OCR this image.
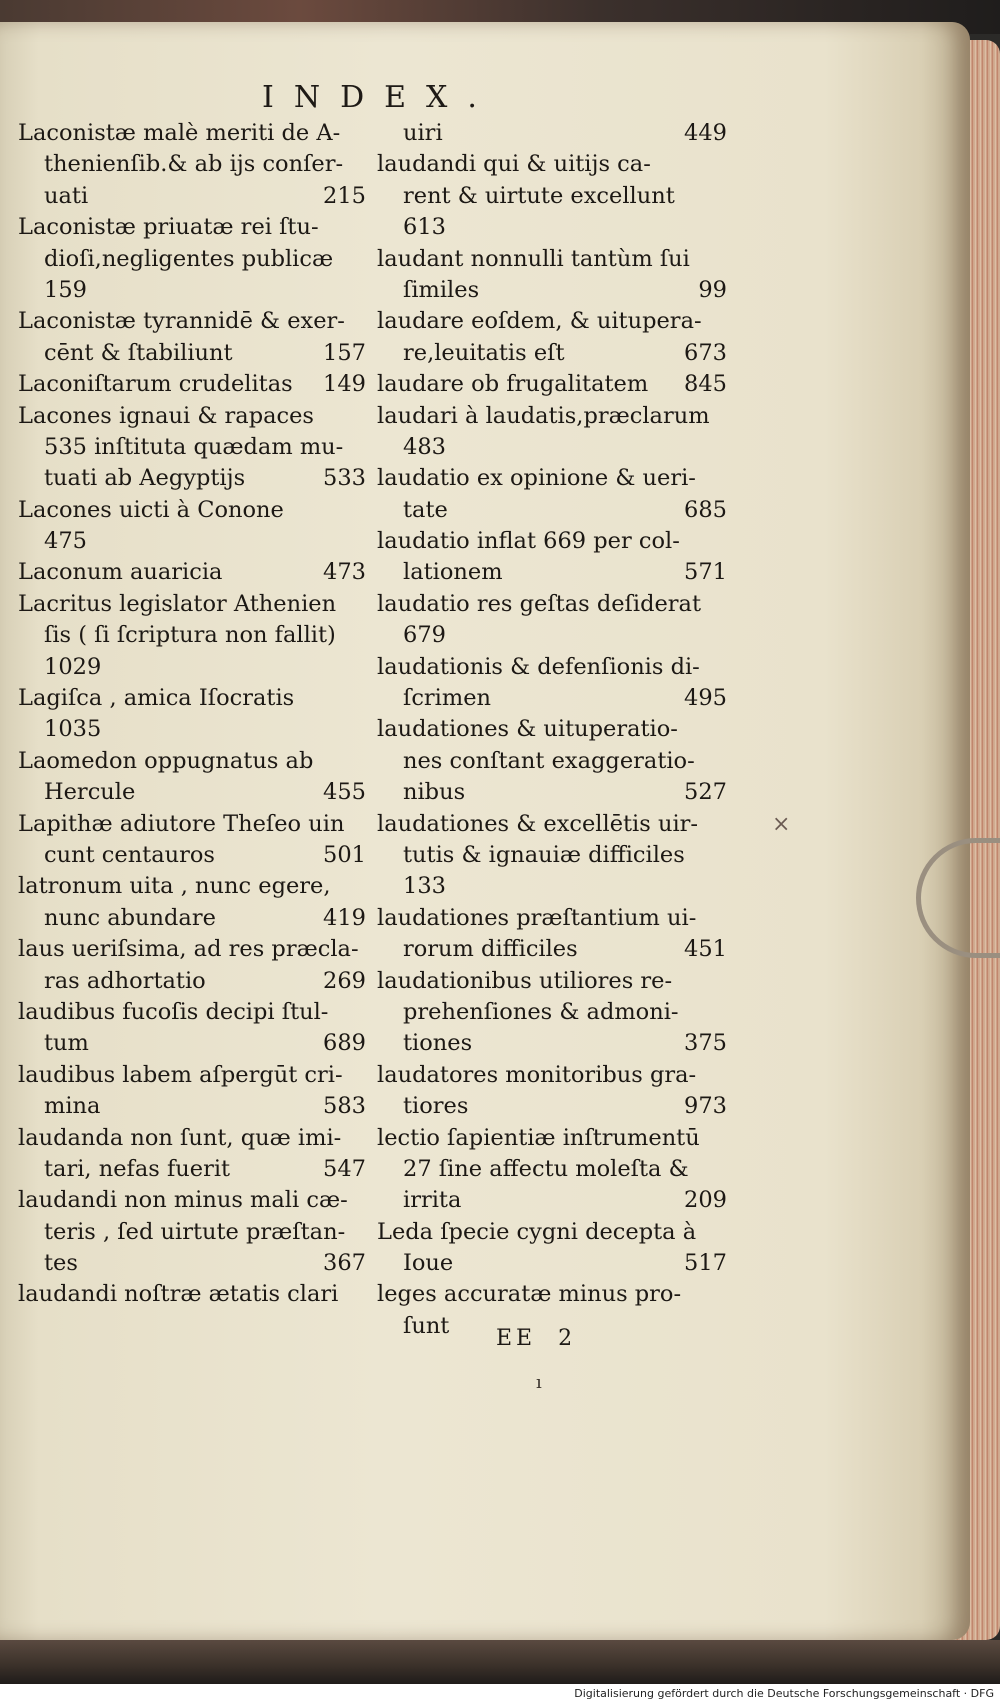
INDEX.
Laconistæ malè meriti de A-
thenienſib.& ab ijs conſer-
uati	215
Laconistæ priuatæ rei ſtu-
dioſi,negligentes publicæ
159
Laconistæ tyrannidē & exer-
cēnt & ſtabiliunt	157
Laconiſtarum crudelitas 149
Lacones ignaui & rapaces
535 inſtituta quædam mu-
tuati ab Aegyptijs	533
Lacones uicti à Conone
475
Laconum auaricia	473
Lacritus legislator Athenien
ſis ( ſi ſcriptura non fallit)
1029
Lagiſca , amica Iſocratis
1035
Laomedon oppugnatus ab
Hercule	455
Lapithæ adiutore Theſeo uin
cunt centauros	501
latronum uita , nunc egere,
nunc abundare	419
laus ueriſsima, ad res præcla-
ras adhortatio	269
laudibus fucoſis decipi ſtul-
tum	689
laudibus labem aſpergūt cri-
mina	583
laudanda non ſunt, quæ imi-
tari, nefas fuerit	547
laudandi non minus mali cæ-
teris , ſed uirtute præſtan-
tes	367
laudandi noſtræ ætatis clari
uiri	449
laudandi qui & uitijs ca-
rent & uirtute excellunt
613
laudant nonnulli tantùm ſui
ſimiles	99
laudare eoſdem, & uitupera-
re,leuitatis eſt	673
laudare ob frugalitatem 845
laudari à laudatis,præclarum
483
laudatio ex opinione & ueri-
tate	685
laudatio inflat 669 per col-
lationem	571
laudatio res geſtas deſiderat
679
laudationis & defenſionis di-
ſcrimen	495
laudationes & uituperatio-
nes conſtant exaggeratio-
nibus	527
laudationes & excellētis uir-
tutis & ignauiæ difficiles
133
laudationes præſtantium ui-
rorum difficiles	451
laudationibus utiliores re-
prehenſiones & admoni-
tiones	375
laudatores monitoribus gra-
tiores	973
lectio ſapientiæ inſtrumentū
27 ſine affectu moleſta &
irrita	209
Leda ſpecie cygni decepta à
Ioue	517
leges accuratæ minus pro-
ſunt
×
EE 2
ı
Digitalisierung gefördert durch die Deutsche Forschungsgemeinschaft · DFG
